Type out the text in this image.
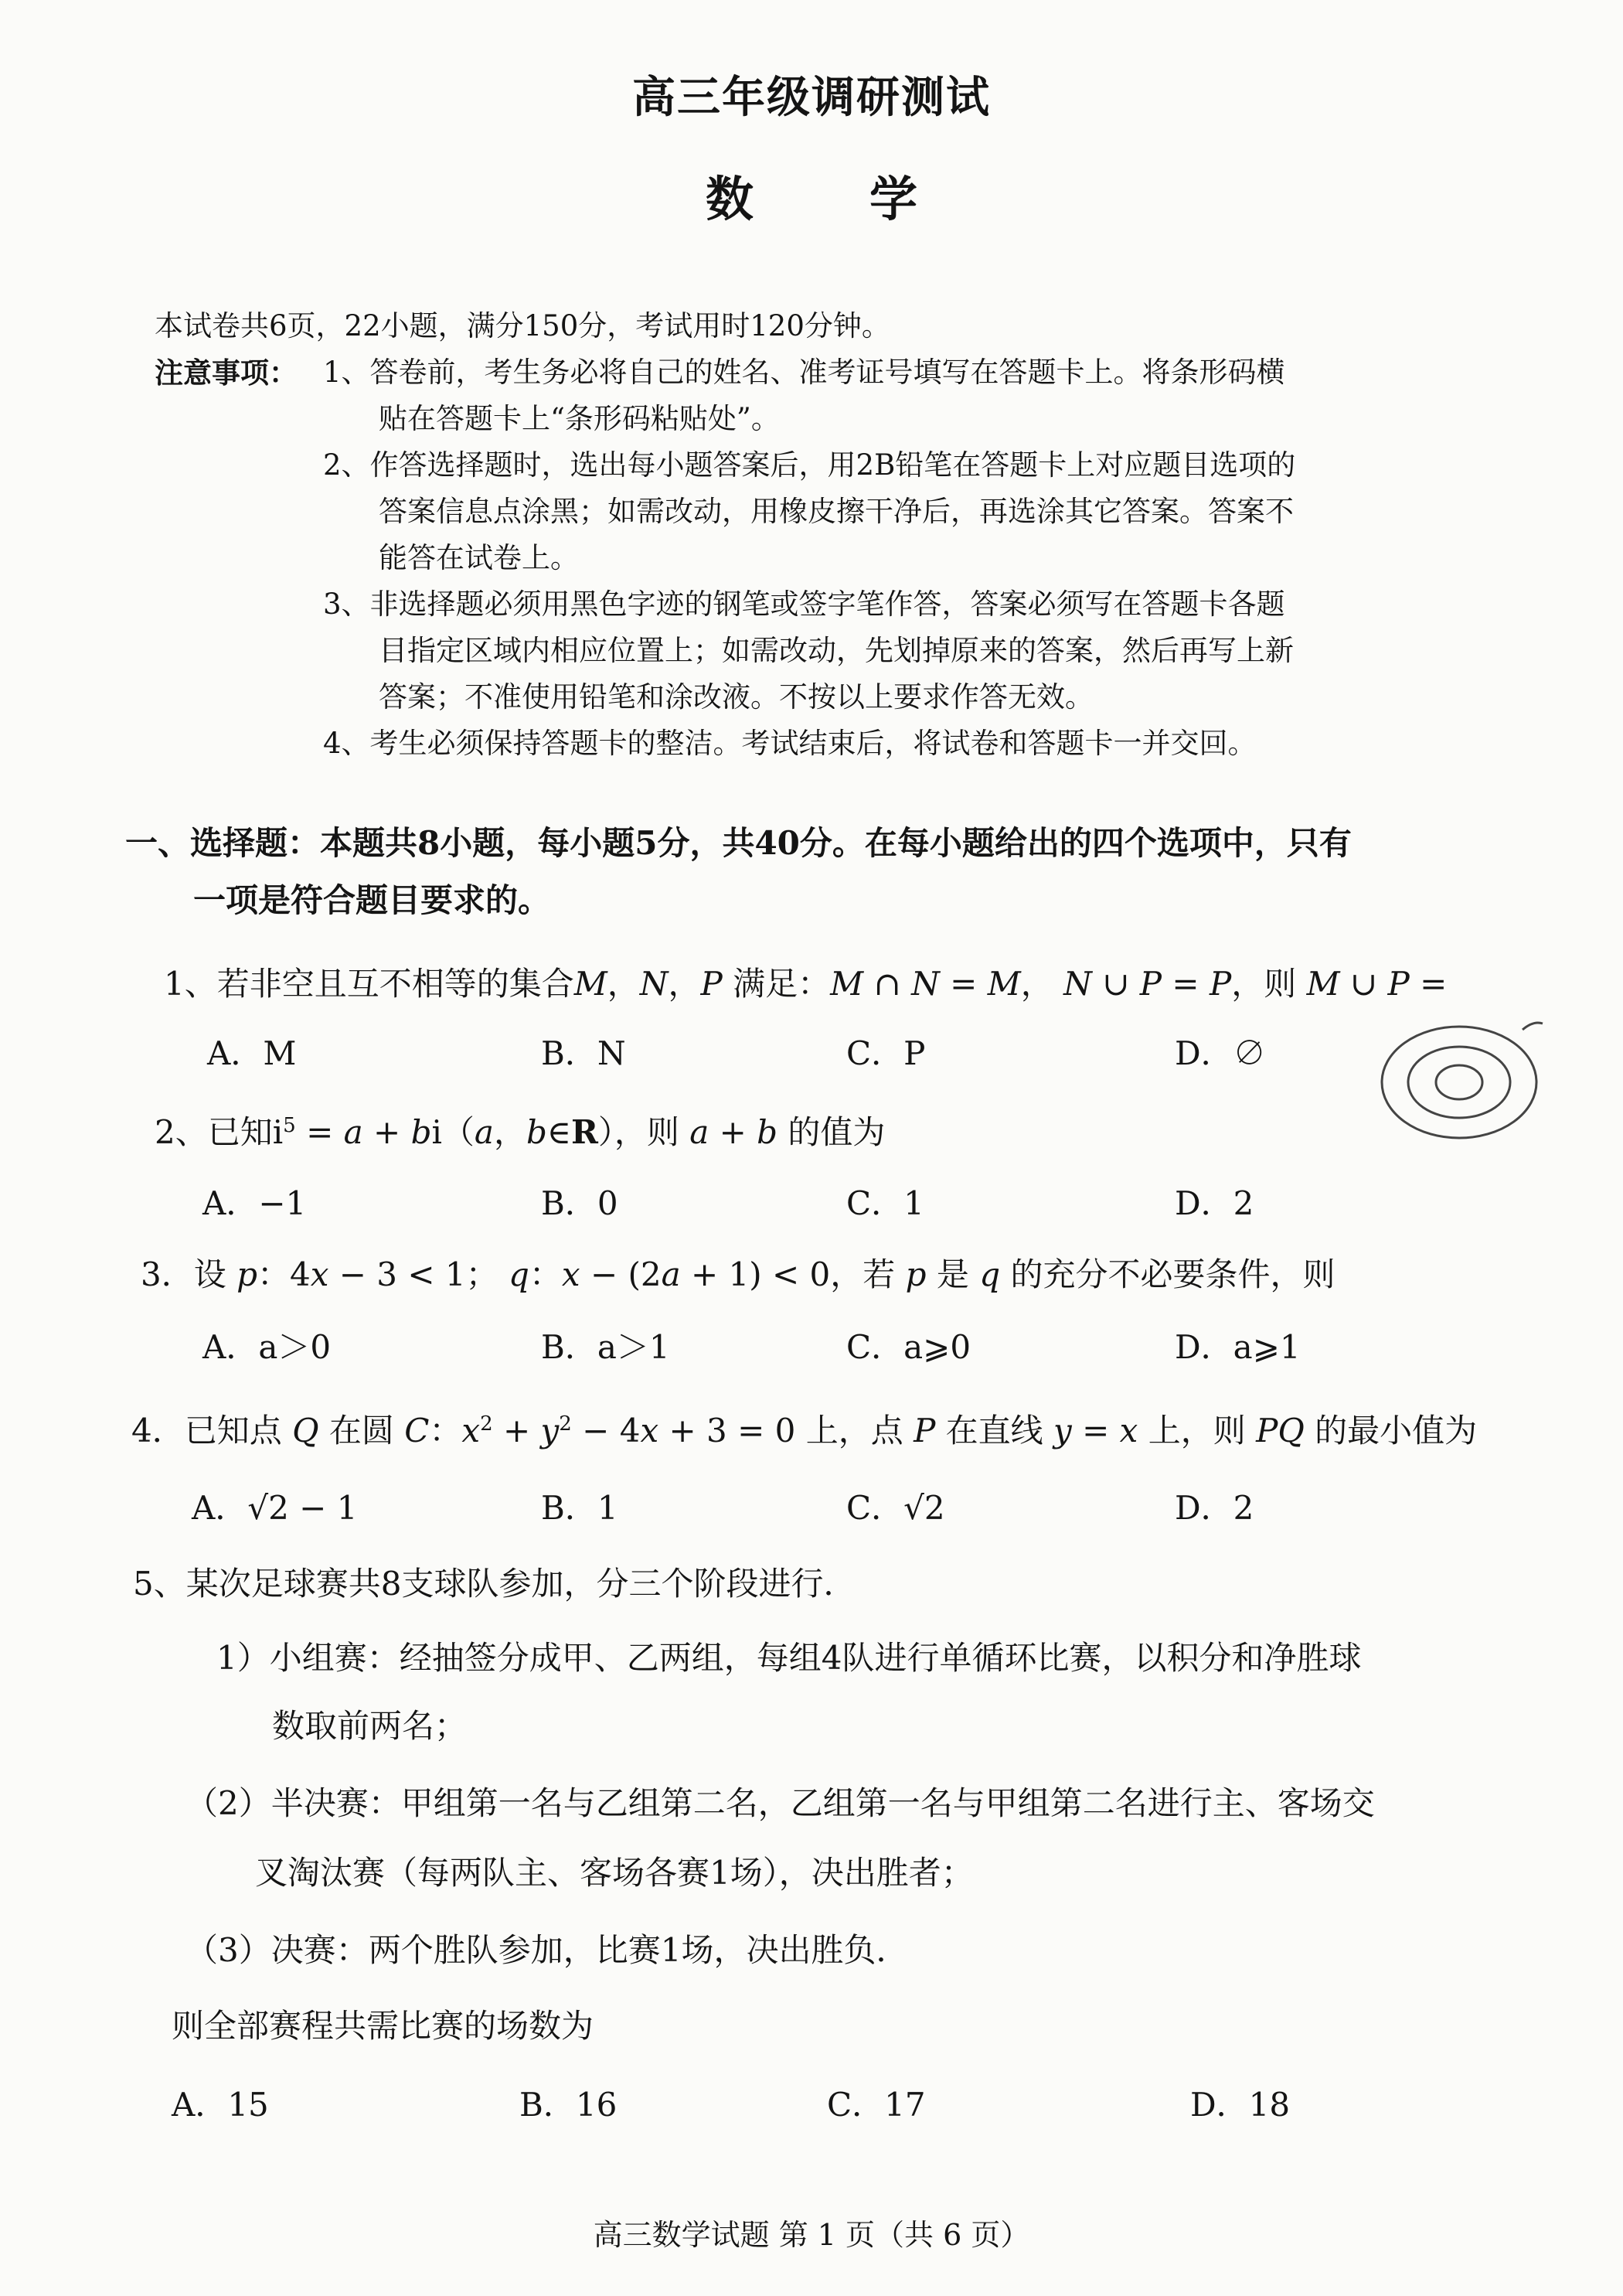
高三年级调研测试
数　学
本试卷共6页，22小题，满分150分，考试用时120分钟。
注意事项： 1、答卷前，考生务必将自己的姓名、准考证号填写在答题卡上。将条形码横
贴在答题卡上“条形码粘贴处”。
2、作答选择题时，选出每小题答案后，用2B铅笔在答题卡上对应题目选项的
答案信息点涂黑；如需改动，用橡皮擦干净后，再选涂其它答案。答案不
能答在试卷上。
3、非选择题必须用黑色字迹的钢笔或签字笔作答，答案必须写在答题卡各题
目指定区域内相应位置上；如需改动，先划掉原来的答案，然后再写上新
答案；不准使用铅笔和涂改液。不按以上要求作答无效。
4、考生必须保持答题卡的整洁。考试结束后，将试卷和答题卡一并交回。
一、选择题：本题共8小题，每小题5分，共40分。在每小题给出的四个选项中，只有
一项是符合题目要求的。
1、若非空且互不相等的集合M，N，P 满足：M ∩ N = M， N ∪ P = P，则 M ∪ P =
A．M	B．N	C．P	D．∅
2、已知$i^5 = a + bi(a$，b∈R），则 a + b 的值为
A．−1	B．0	C．1	D．2
3．设 p：4x − 3 < 1； q：x − (2a + 1) < 0，若 p 是 q 的充分不必要条件，则
A．a＞0	B．a＞1	C．a⩾0	D．a⩾1
4．已知点 Q 在圆 C：$x^2 + y^2 - 4x + 3 = 0$ 上，点 P 在直线 y = x 上，则 PQ 的最小值为
A．√2 − 1	B．1	C．√2	D．2
5、某次足球赛共8支球队参加，分三个阶段进行．
1）小组赛：经抽签分成甲、乙两组，每组4队进行单循环比赛，以积分和净胜球
数取前两名；
（2）半决赛：甲组第一名与乙组第二名，乙组第一名与甲组第二名进行主、客场交
叉淘汰赛（每两队主、客场各赛1场），决出胜者；
（3）决赛：两个胜队参加，比赛1场，决出胜负．
则全部赛程共需比赛的场数为
A．15	B．16	C．17	D．18
高三数学试题 第 1 页（共 6 页）
